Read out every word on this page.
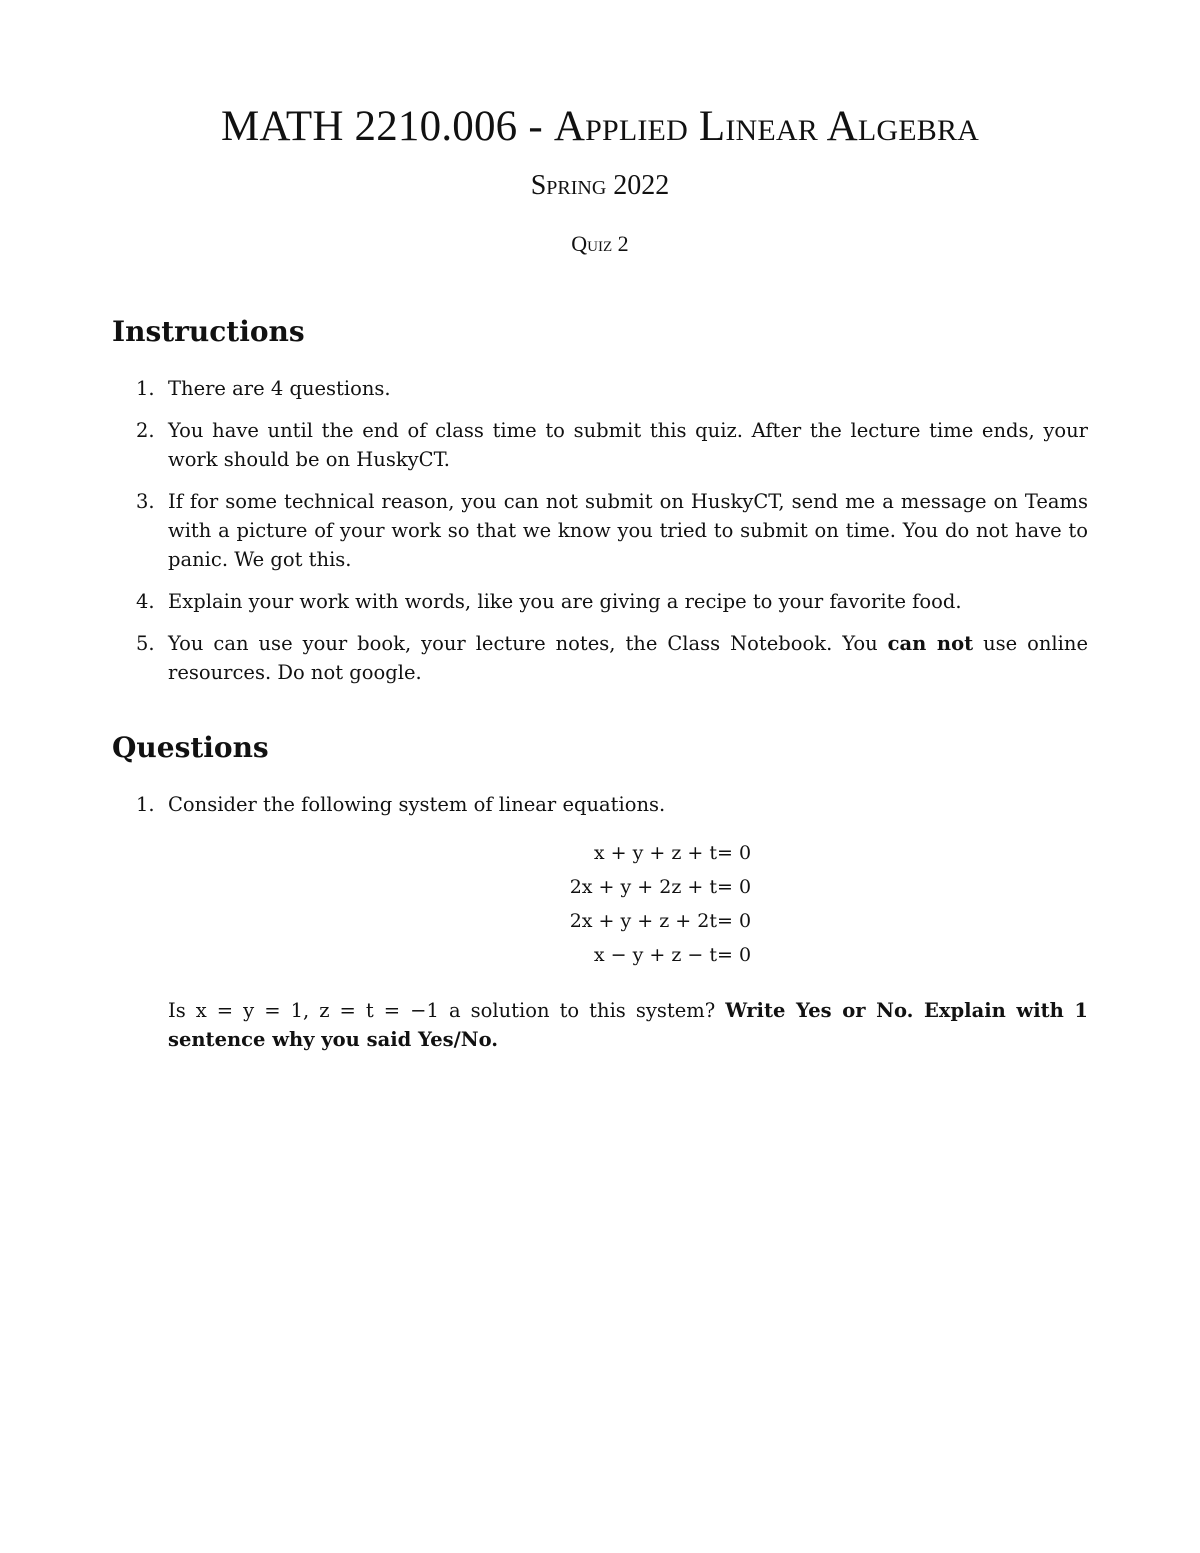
MATH 2210.006 - Applied Linear Algebra
Spring 2022
Quiz 2
Instructions
1. There are 4 questions.
2. You have until the end of class time to submit this quiz. After the lecture time ends, your work should be on HuskyCT.
3. If for some technical reason, you can not submit on HuskyCT, send me a message on Teams with a picture of your work so that we know you tried to submit on time. You do not have to panic. We got this.
4. Explain your work with words, like you are giving a recipe to your favorite food.
5. You can use your book, your lecture notes, the Class Notebook. You can not use online resources. Do not google.
Questions
1. Consider the following system of linear equations.
x + y + z + t = 0
2x + y + 2z + t = 0
2x + y + z + 2t = 0
x − y + z − t = 0
Is x = y = 1, z = t = −1 a solution to this system? Write Yes or No. Explain with 1 sentence why you said Yes/No.
